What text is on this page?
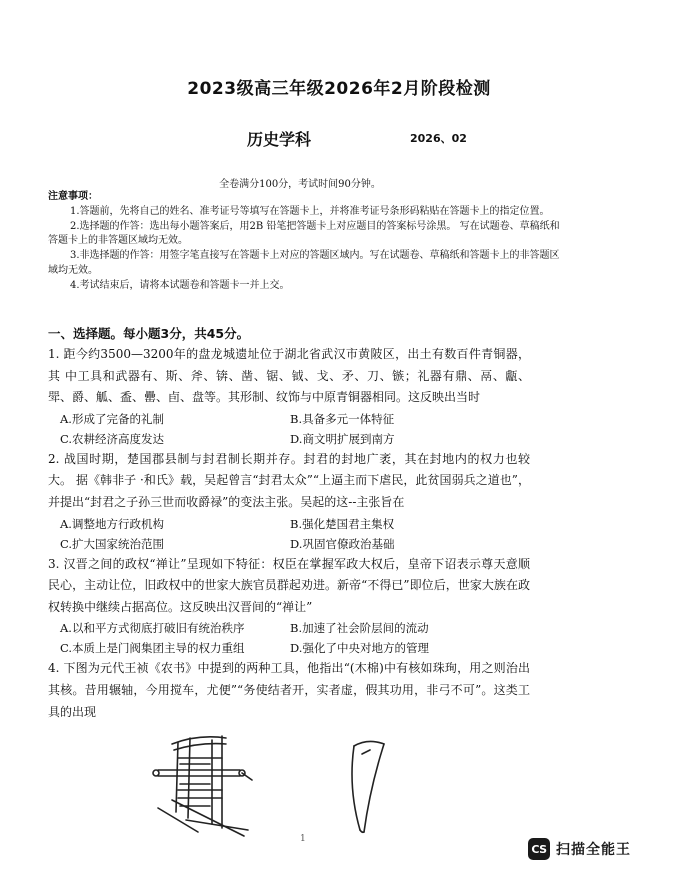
2023级高三年级2026年2月阶段检测
历史学科	2026、02
全卷满分100分，考试时间90分钟。
注意事项：
1.答题前，先将自己的姓名、准考证号等填写在答题卡上，并将准考证号条形码粘贴在答题卡上的指定位置。
2.选择题的作答：选出每小题答案后，用2B 铅笔把答题卡上对应题目的答案标号涂黑。 写在试题卷、草稿纸和答题卡上的非答题区域均无效。
3.非选择题的作答：用签字笔直接写在答题卡上对应的答题区域内。写在试题卷、草稿纸和答题卡上的非答题区域均无效。
4.考试结束后，请将本试题卷和答题卡一并上交。
一、选择题。每小题3分，共45分。
1. 距今约3500—3200年的盘龙城遗址位于湖北省武汉市黄陂区，出土有数百件青铜器，其 中工具和武器有、斯、斧、锛、凿、锯、钺、戈、矛、刀、镞；礼器有鼎、鬲、甗、斝、爵、觚、盉、罍、卣、盘等。其形制、纹饰与中原青铜器相同。这反映出当时
A.形成了完备的礼制	B.具备多元一体特征
C.农耕经济高度发达	D.商文明扩展到南方
2. 战国时期，楚国郡县制与封君制长期并存。封君的封地广袤，其在封地内的权力也较大。 据《韩非子 ·和氏》载，吴起曾言“封君太众”“上逼主而下虐民，此贫国弱兵之道也”，并提出“封君之子孙三世而收爵禄”的变法主张。吴起的这--主张旨在
A.调整地方行政机构	B.强化楚国君主集权
C.扩大国家统治范围	D.巩固官僚政治基础
3. 汉晋之间的政权“禅让”呈现如下特征：权臣在掌握军政大权后，皇帝下诏表示尊天意顺 民心，主动让位，旧政权中的世家大族官员群起劝进。新帝“不得已”即位后，世家大族在政权转换中继续占据高位。这反映出汉晋间的“禅让”
A.以和平方式彻底打破旧有统治秩序	B.加速了社会阶层间的流动
C.本质上是门阀集团主导的权力重组	D.强化了中央对地方的管理
4. 下图为元代王祯《农书》中提到的两种工具，他指出“(木棉)中有核如珠珣，用之则治出其核。昔用辗轴，今用搅车，尤便”“务使结者开，实者虚，假其功用，非弓不可”。这类工具的出现
1
CS 扫描全能王
